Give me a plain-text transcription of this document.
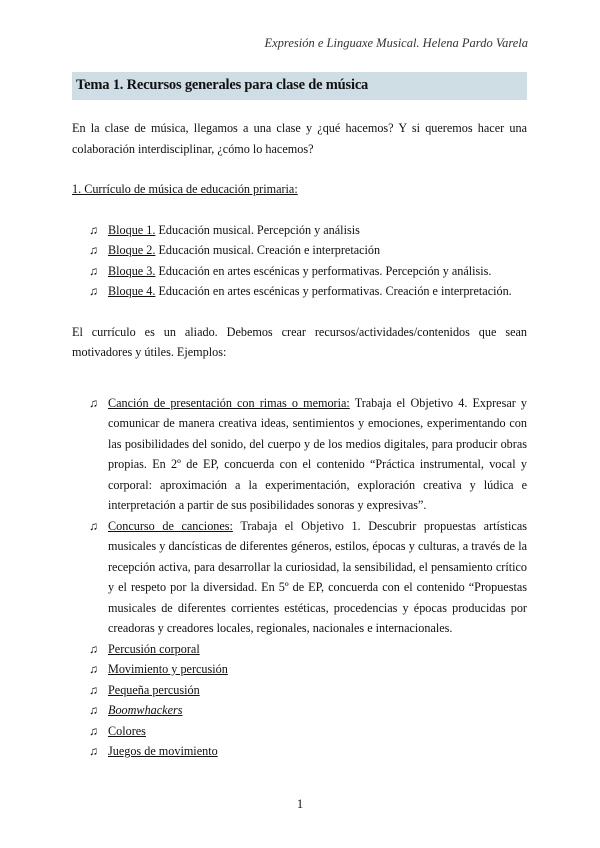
Expresión e Linguaxe Musical. Helena Pardo Varela
Tema 1. Recursos generales para clase de música

En la clase de música, llegamos a una clase y ¿qué hacemos? Y si queremos hacer una colaboración interdisciplinar, ¿cómo lo hacemos?

1. Currículo de música de educación primaria:

♫ Bloque 1. Educación musical. Percepción y análisis
♫ Bloque 2. Educación musical. Creación e interpretación
♫ Bloque 3. Educación en artes escénicas y performativas. Percepción y análisis.
♫ Bloque 4. Educación en artes escénicas y performativas. Creación e interpretación.

El currículo es un aliado. Debemos crear recursos/actividades/contenidos que sean motivadores y útiles. Ejemplos:

♫ Canción de presentación con rimas o memoria: Trabaja el Objetivo 4. Expresar y comunicar de manera creativa ideas, sentimientos y emociones, experimentando con las posibilidades del sonido, del cuerpo y de los medios digitales, para producir obras propias. En 2º de EP, concuerda con el contenido “Práctica instrumental, vocal y corporal: aproximación a la experimentación, exploración creativa y lúdica e interpretación a partir de sus posibilidades sonoras y expresivas”.
♫ Concurso de canciones: Trabaja el Objetivo 1. Descubrir propuestas artísticas musicales y dancísticas de diferentes géneros, estilos, épocas y culturas, a través de la recepción activa, para desarrollar la curiosidad, la sensibilidad, el pensamiento crítico y el respeto por la diversidad. En 5º de EP, concuerda con el contenido “Propuestas musicales de diferentes corrientes estéticas, procedencias y épocas producidas por creadoras y creadores locales, regionales, nacionales e internacionales.
♫ Percusión corporal
♫ Movimiento y percusión
♫ Pequeña percusión
♫ Boomwhackers
♫ Colores
♫ Juegos de movimiento
1
